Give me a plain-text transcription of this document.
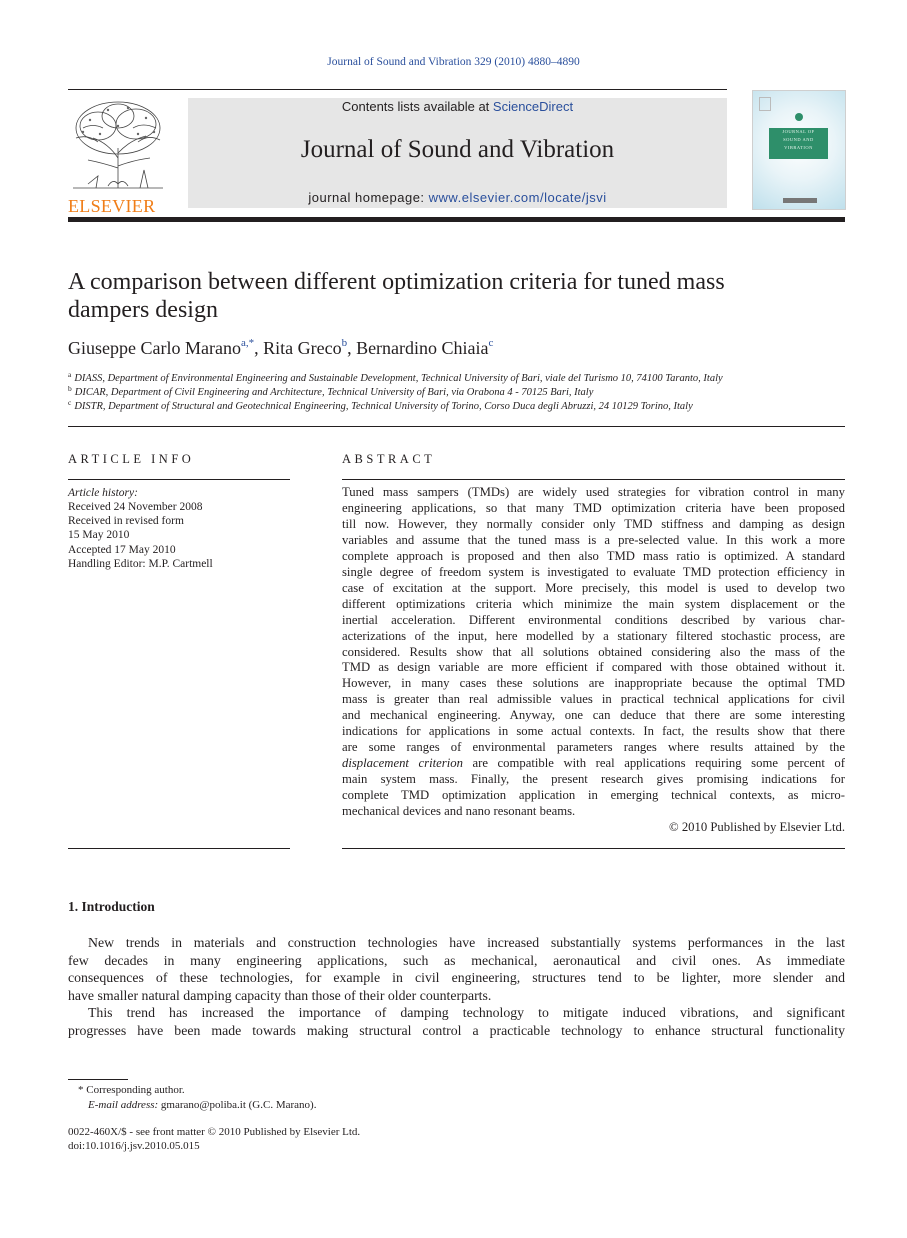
Journal of Sound and Vibration 329 (2010) 4880–4890
ELSEVIER
Contents lists available at ScienceDirect
Journal of Sound and Vibration
journal homepage: www.elsevier.com/locate/jsvi
JOURNAL OF
SOUND AND
VIBRATION
A comparison between different optimization criteria for tuned mass
dampers design
Giuseppe Carlo Marano$^{a,*}$, Rita Greco$^b$, Bernardino Chiaia$^c$
$^a$ DIASS, Department of Environmental Engineering and Sustainable Development, Technical University of Bari, viale del Turismo 10, 74100 Taranto, Italy
$^b$ DICAR, Department of Civil Engineering and Architecture, Technical University of Bari, via Orabona 4 - 70125 Bari, Italy
$^c$ DISTR, Department of Structural and Geotechnical Engineering, Technical University of Torino, Corso Duca degli Abruzzi, 24 10129 Torino, Italy
ARTICLE INFO
Article history:
Received 24 November 2008
Received in revised form
15 May 2010
Accepted 17 May 2010
Handling Editor: M.P. Cartmell
ABSTRACT
Tuned mass sampers (TMDs) are widely used strategies for vibration control in many
engineering applications, so that many TMD optimization criteria have been proposed
till now. However, they normally consider only TMD stiffness and damping as design
variables and assume that the tuned mass is a pre-selected value. In this work a more
complete approach is proposed and then also TMD mass ratio is optimized. A standard
single degree of freedom system is investigated to evaluate TMD protection efficiency in
case of excitation at the support. More precisely, this model is used to develop two
different optimizations criteria which minimize the main system displacement or the
inertial acceleration. Different environmental conditions described by various char-
acterizations of the input, here modelled by a stationary filtered stochastic process, are
considered. Results show that all solutions obtained considering also the mass of the
TMD as design variable are more efficient if compared with those obtained without it.
However, in many cases these solutions are inappropriate because the optimal TMD
mass is greater than real admissible values in practical technical applications for civil
and mechanical engineering. Anyway, one can deduce that there are some interesting
indications for applications in some actual contexts. In fact, the results show that there
are some ranges of environmental parameters ranges where results attained by the
displacement criterion are compatible with real applications requiring some percent of
main system mass. Finally, the present research gives promising indications for
complete TMD optimization application in emerging technical contexts, as micro-
mechanical devices and nano resonant beams.
© 2010 Published by Elsevier Ltd.
1. Introduction
New trends in materials and construction technologies have increased substantially systems performances in the last
few decades in many engineering applications, such as mechanical, aeronautical and civil ones. As immediate
consequences of these technologies, for example in civil engineering, structures tend to be lighter, more slender and
have smaller natural damping capacity than those of their older counterparts.
This trend has increased the importance of damping technology to mitigate induced vibrations, and significant
progresses have been made towards making structural control a practicable technology to enhance structural functionality
* Corresponding author.
E-mail address: gmarano@poliba.it (G.C. Marano).
0022-460X/$ - see front matter © 2010 Published by Elsevier Ltd.
doi:10.1016/j.jsv.2010.05.015
